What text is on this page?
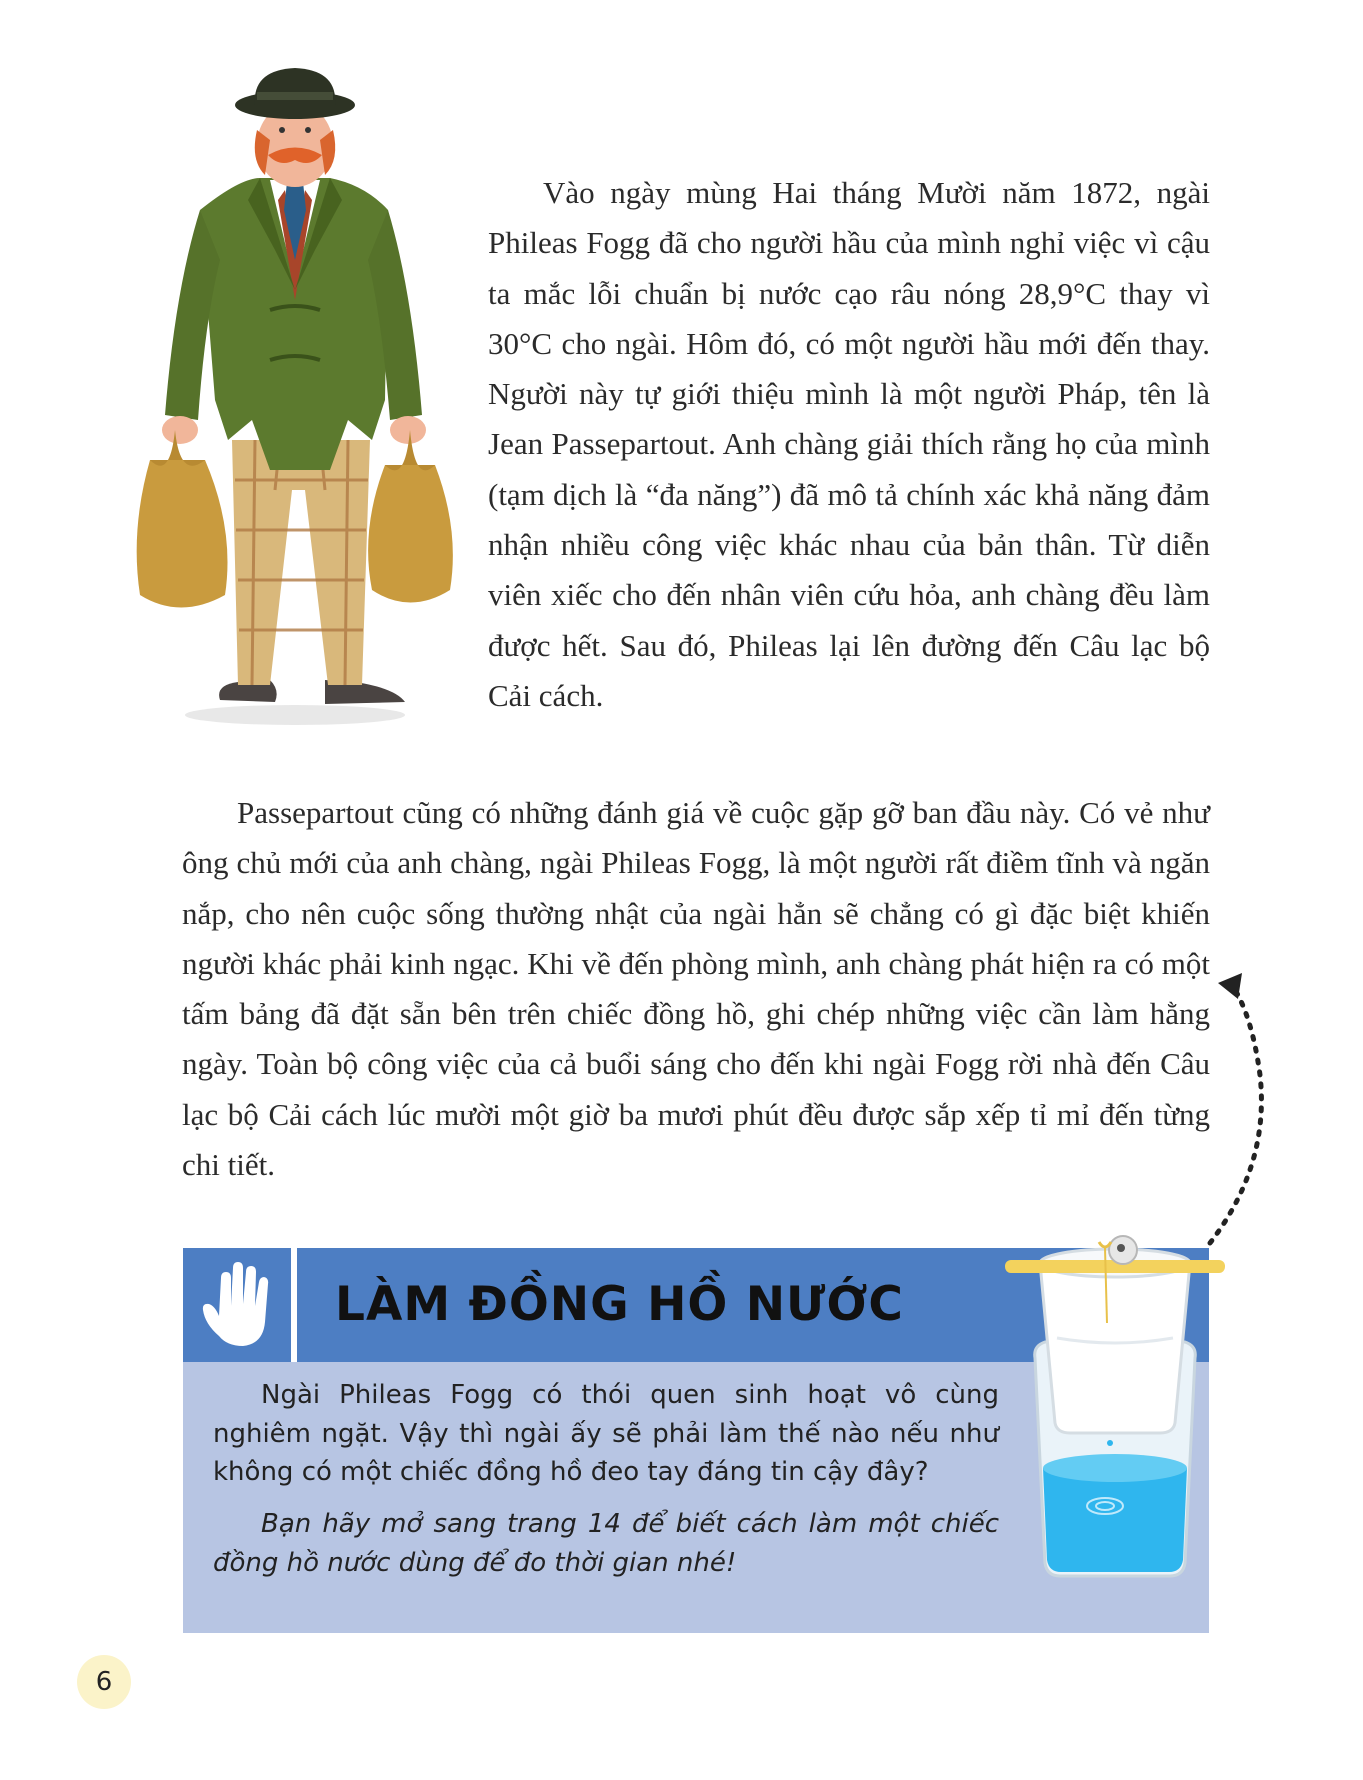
Vào ngày mùng Hai tháng Mười năm 1872, ngài Phileas Fogg đã cho người hầu của mình nghỉ việc vì cậu ta mắc lỗi chuẩn bị nước cạo râu nóng 28,9°C thay vì 30°C cho ngài. Hôm đó, có một người hầu mới đến thay. Người này tự giới thiệu mình là một người Pháp, tên là Jean Passepartout. Anh chàng giải thích rằng họ của mình (tạm dịch là “đa năng”) đã mô tả chính xác khả năng đảm nhận nhiều công việc khác nhau của bản thân. Từ diễn viên xiếc cho đến nhân viên cứu hỏa, anh chàng đều làm được hết. Sau đó, Phileas lại lên đường đến Câu lạc bộ Cải cách.

Passepartout cũng có những đánh giá về cuộc gặp gỡ ban đầu này. Có vẻ như ông chủ mới của anh chàng, ngài Phileas Fogg, là một người rất điềm tĩnh và ngăn nắp, cho nên cuộc sống thường nhật của ngài hẳn sẽ chẳng có gì đặc biệt khiến người khác phải kinh ngạc. Khi về đến phòng mình, anh chàng phát hiện ra có một tấm bảng đã đặt sẵn bên trên chiếc đồng hồ, ghi chép những việc cần làm hằng ngày. Toàn bộ công việc của cả buổi sáng cho đến khi ngài Fogg rời nhà đến Câu lạc bộ Cải cách lúc mười một giờ ba mươi phút đều được sắp xếp tỉ mỉ đến từng chi tiết.

LÀM ĐỒNG HỒ NƯỚC

Ngài Phileas Fogg có thói quen sinh hoạt vô cùng nghiêm ngặt. Vậy thì ngài ấy sẽ phải làm thế nào nếu như không có một chiếc đồng hồ đeo tay đáng tin cậy đây?

Bạn hãy mở sang trang 14 để biết cách làm một chiếc đồng hồ nước dùng để đo thời gian nhé!

6
